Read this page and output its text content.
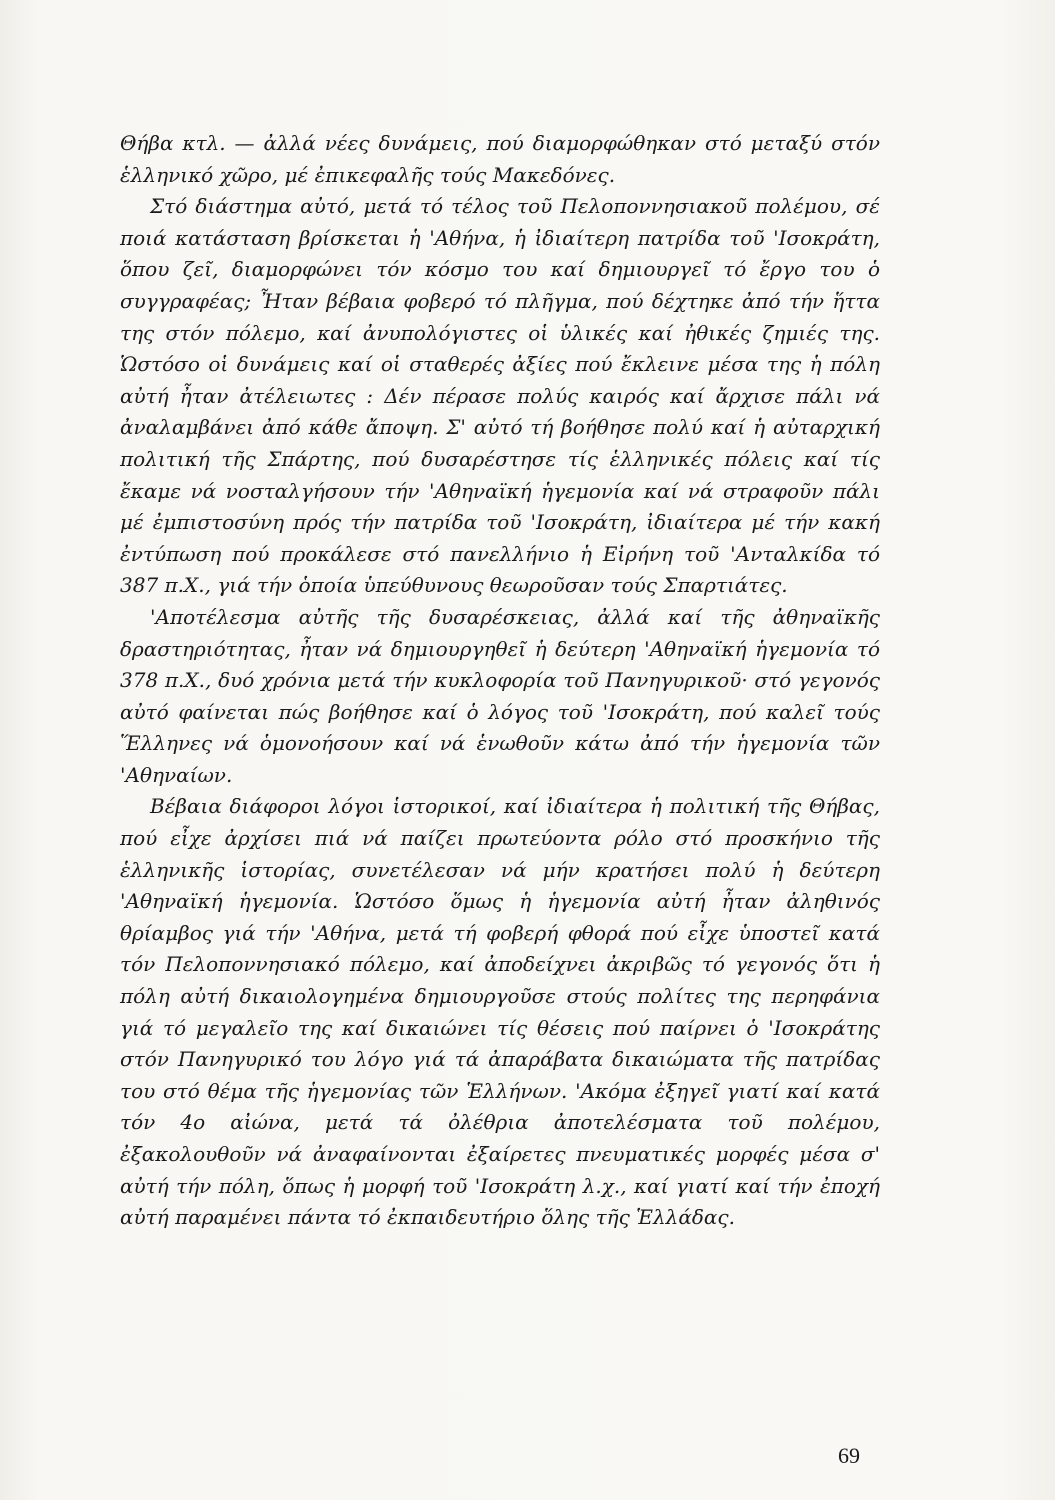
Θήβα κτλ. — ἀλλά νέες δυνάμεις, πού διαμορφώθηκαν στό μεταξύ στόν ἑλληνικό χῶρο, μέ ἐπικεφαλῆς τούς Μακεδόνες.

Στό διάστημα αὐτό, μετά τό τέλος τοῦ Πελοποννησιακοῦ πολέμου, σέ ποιά κατάσταση βρίσκεται ἡ 'Αθήνα, ἡ ἰδιαίτερη πατρίδα τοῦ 'Ισοκράτη, ὅπου ζεῖ, διαμορφώνει τόν κόσμο του καί δημιουργεῖ τό ἔργο του ὁ συγγραφέας; Ἦταν βέβαια φοβερό τό πλῆγμα, πού δέχτηκε ἀπό τήν ἥττα της στόν πόλεμο, καί ἀνυπολόγιστες οἱ ὑλικές καί ἠθικές ζημιές της. Ὡστόσο οἱ δυνάμεις καί οἱ σταθερές ἀξίες πού ἔκλεινε μέσα της ἡ πόλη αὐτή ἦταν ἀτέλειωτες : Δέν πέρασε πολύς καιρός καί ἄρχισε πάλι νά ἀναλαμβάνει ἀπό κάθε ἄποψη. Σ' αὐτό τή βοήθησε πολύ καί ἡ αὐταρχική πολιτική τῆς Σπάρτης, πού δυσαρέστησε τίς ἑλληνικές πόλεις καί τίς ἔκαμε νά νοσταλγήσουν τήν 'Αθηναϊκή ἡγεμονία καί νά στραφοῦν πάλι μέ ἐμπιστοσύνη πρός τήν πατρίδα τοῦ 'Ισοκράτη, ἰδιαίτερα μέ τήν κακή ἐντύπωση πού προκάλεσε στό πανελλήνιο ἡ Εἰρήνη τοῦ 'Ανταλκίδα τό 387 π.Χ., γιά τήν ὁποία ὑπεύθυνους θεωροῦσαν τούς Σπαρτιάτες.

'Αποτέλεσμα αὐτῆς τῆς δυσαρέσκειας, ἀλλά καί τῆς ἀθηναϊκῆς δραστηριότητας, ἦταν νά δημιουργηθεῖ ἡ δεύτερη 'Αθηναϊκή ἡγεμονία τό 378 π.Χ., δυό χρόνια μετά τήν κυκλοφορία τοῦ Πανηγυρικοῦ· στό γεγονός αὐτό φαίνεται πώς βοήθησε καί ὁ λόγος τοῦ 'Ισοκράτη, πού καλεῖ τούς Ἕλληνες νά ὁμονοήσουν καί νά ἑνωθοῦν κάτω ἀπό τήν ἡγεμονία τῶν 'Αθηναίων.

Βέβαια διάφοροι λόγοι ἱστορικοί, καί ἰδιαίτερα ἡ πολιτική τῆς Θήβας, πού εἶχε ἀρχίσει πιά νά παίζει πρωτεύοντα ρόλο στό προσκήνιο τῆς ἑλληνικῆς ἱστορίας, συνετέλεσαν νά μήν κρατήσει πολύ ἡ δεύτερη 'Αθηναϊκή ἡγεμονία. Ὡστόσο ὅμως ἡ ἡγεμονία αὐτή ἦταν ἀληθινός θρίαμβος γιά τήν 'Αθήνα, μετά τή φοβερή φθορά πού εἶχε ὑποστεῖ κατά τόν Πελοποννησιακό πόλεμο, καί ἀποδείχνει ἀκριβῶς τό γεγονός ὅτι ἡ πόλη αὐτή δικαιολογημένα δημιουργοῦσε στούς πολίτες της περηφάνια γιά τό μεγαλεῖο της καί δικαιώνει τίς θέσεις πού παίρνει ὁ 'Ισοκράτης στόν Πανηγυρικό του λόγο γιά τά ἀπαράβατα δικαιώματα τῆς πατρίδας του στό θέμα τῆς ἡγεμονίας τῶν Ἑλλήνων. 'Ακόμα ἐξηγεῖ γιατί καί κατά τόν 4ο αἰώνα, μετά τά ὀλέθρια ἀποτελέσματα τοῦ πολέμου, ἐξακολουθοῦν νά ἀναφαίνονται ἐξαίρετες πνευματικές μορφές μέσα σ' αὐτή τήν πόλη, ὅπως ἡ μορφή τοῦ 'Ισοκράτη λ.χ., καί γιατί καί τήν ἐποχή αὐτή παραμένει πάντα τό ἐκπαιδευτήριο ὅλης τῆς Ἑλλάδας.

69
